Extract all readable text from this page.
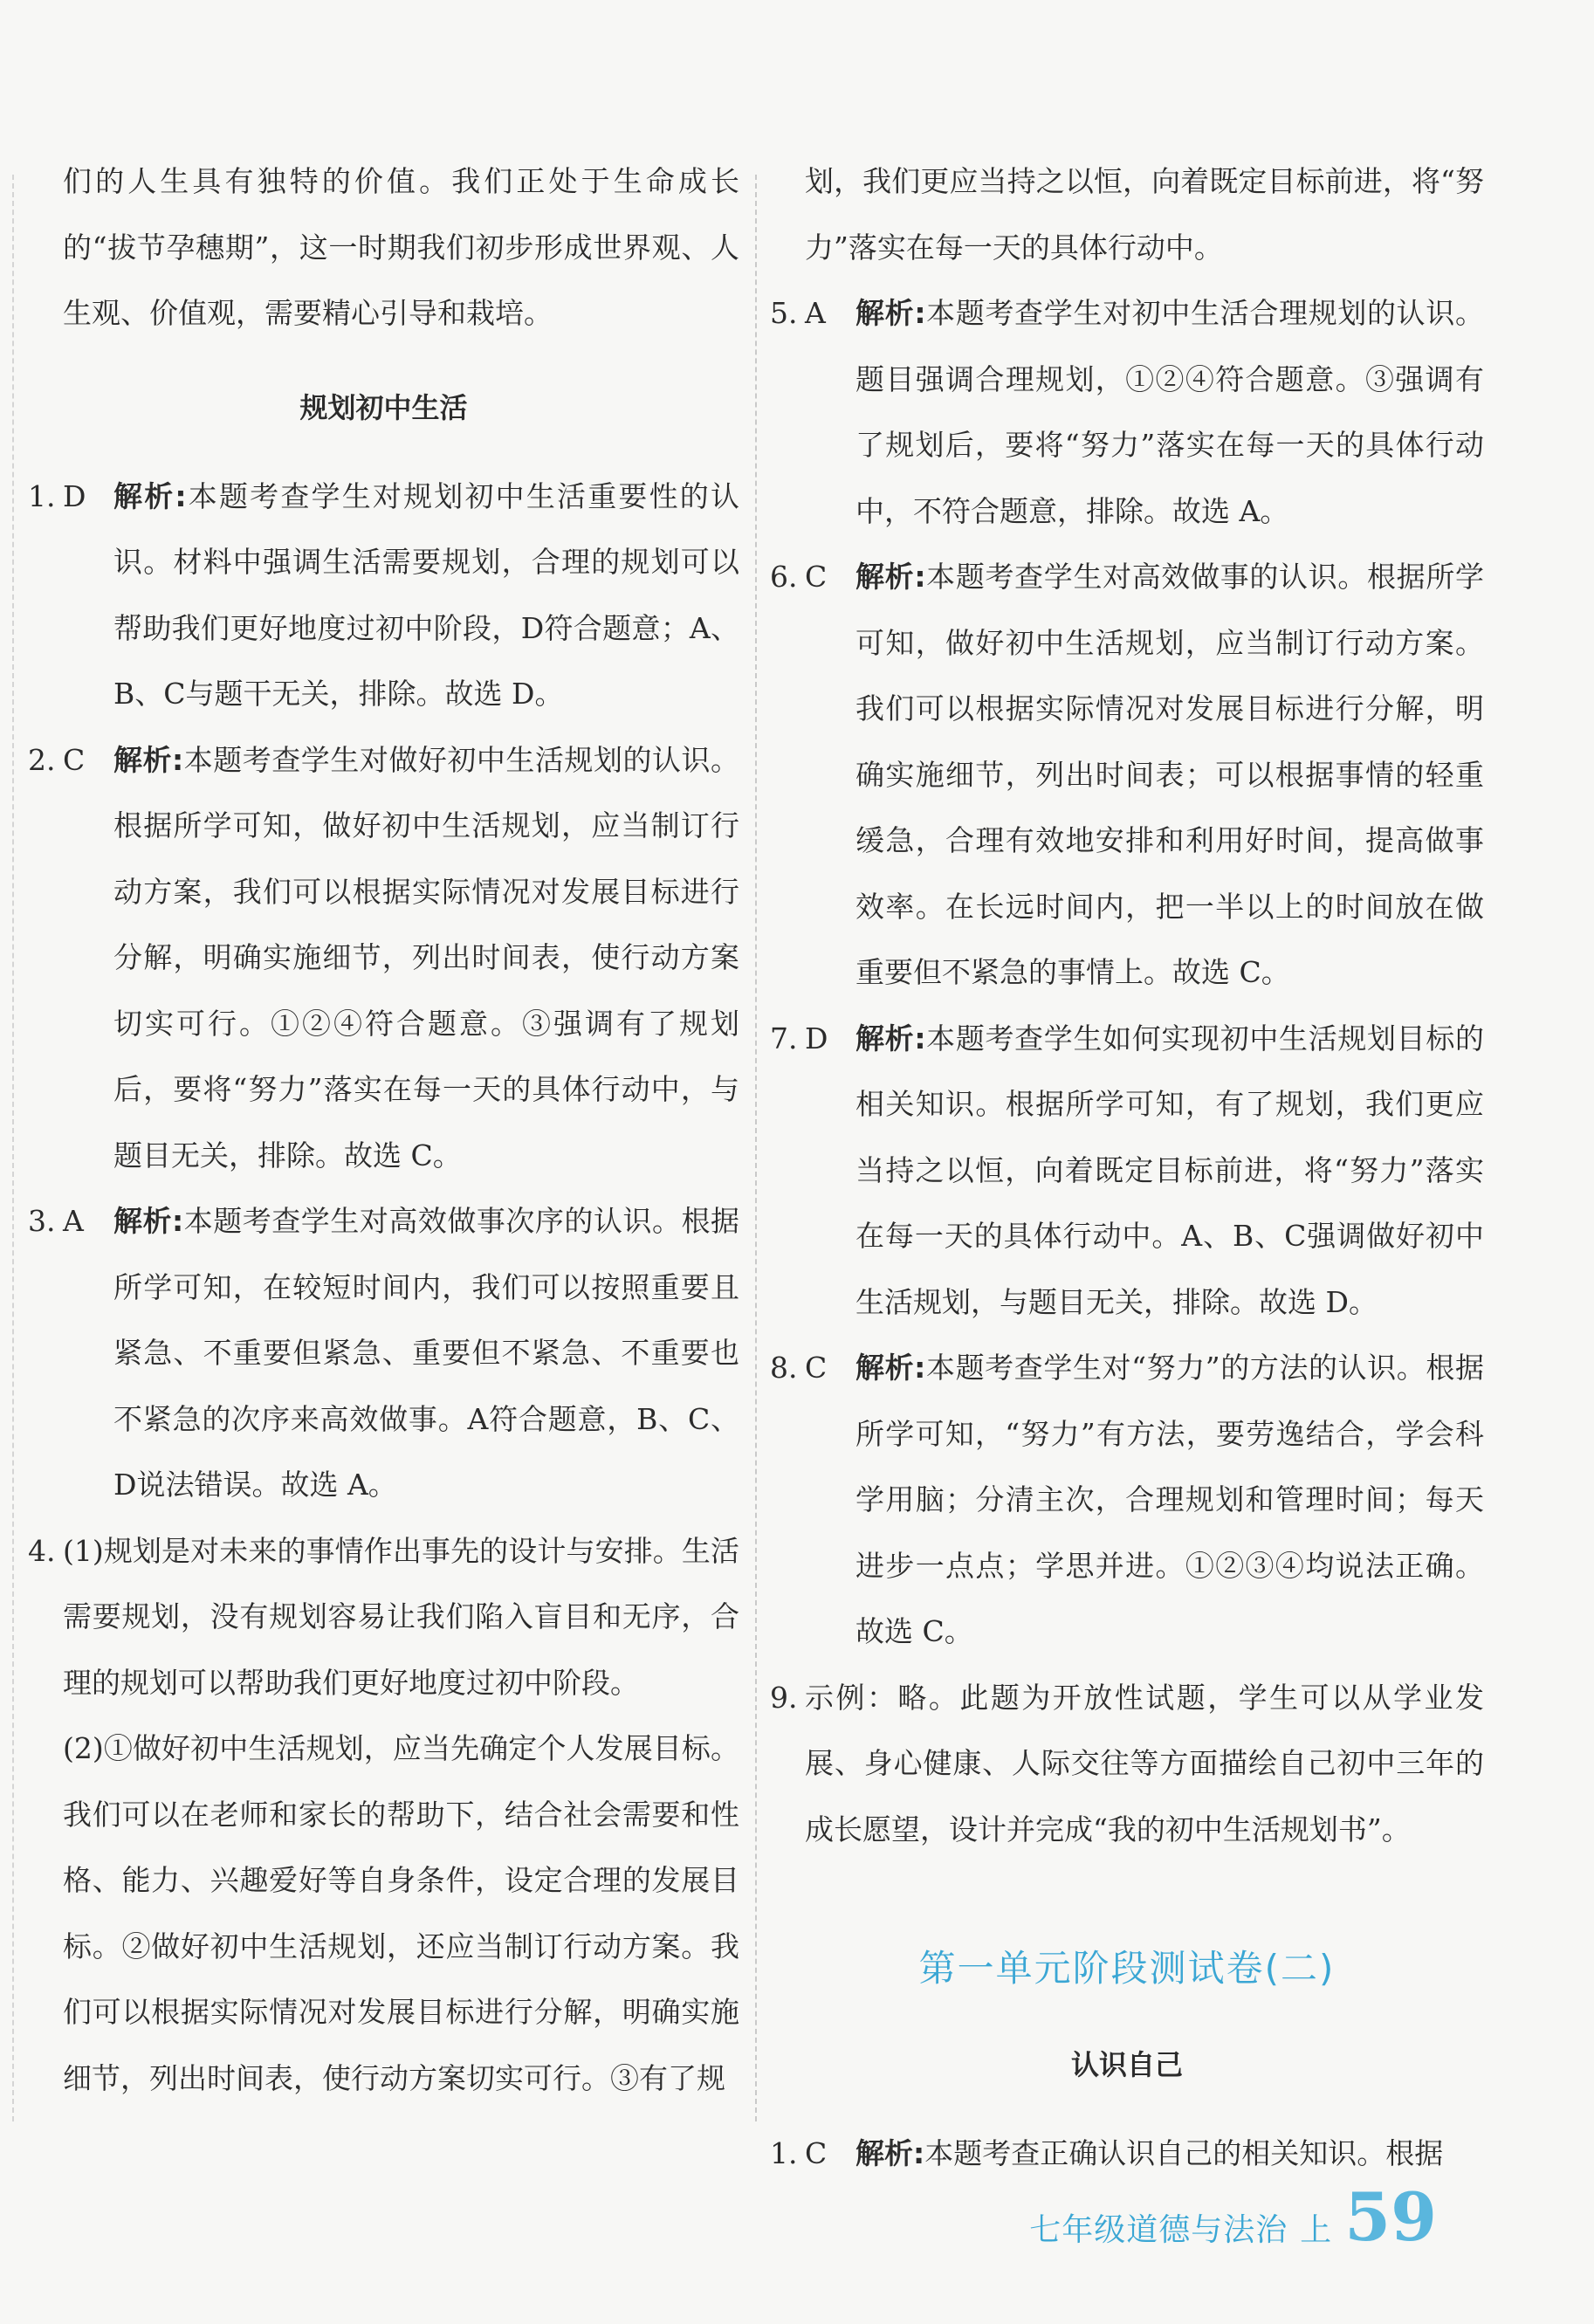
们的人生具有独特的价值。我们正处于生命成长的“拔节孕穗期”，这一时期我们初步形成世界观、人生观、价值观，需要精心引导和栽培。

规划初中生活
1. D 解析:本题考查学生对规划初中生活重要性的认识。材料中强调生活需要规划，合理的规划可以帮助我们更好地度过初中阶段，D符合题意；A、B、C与题干无关，排除。故选 D。
2. C 解析:本题考查学生对做好初中生活规划的认识。根据所学可知，做好初中生活规划，应当制订行动方案，我们可以根据实际情况对发展目标进行分解，明确实施细节，列出时间表，使行动方案切实可行。①②④符合题意。③强调有了规划后，要将“努力”落实在每一天的具体行动中，与题目无关，排除。故选 C。
3. A	解析:本题考查学生对高效做事次序的认识。根据所学可知，在较短时间内，我们可以按照重要且紧急、不重要但紧急、重要但不紧急、不重要也不紧急的次序来高效做事。A符合题意，B、C、D说法错误。故选 A。
4. (1)规划是对未来的事情作出事先的设计与安排。生活需要规划，没有规划容易让我们陷入盲目和无序，合理的规划可以帮助我们更好地度过初中阶段。

(2)①做好初中生活规划，应当先确定个人发展目标。我们可以在老师和家长的帮助下，结合社会需要和性格、能力、兴趣爱好等自身条件，设定合理的发展目标。②做好初中生活规划，还应当制订行动方案。我们可以根据实际情况对发展目标进行分解，明确实施细节，列出时间表，使行动方案切实可行。③有了规

划，我们更应当持之以恒，向着既定目标前进，将“努力”落实在每一天的具体行动中。

5. A	解析:本题考查学生对初中生活合理规划的认识。题目强调合理规划，①②④符合题意。③强调有了规划后，要将“努力”落实在每一天的具体行动中，不符合题意，排除。故选 A。
6. C 解析:本题考查学生对高效做事的认识。根据所学可知，做好初中生活规划，应当制订行动方案。我们可以根据实际情况对发展目标进行分解，明确实施细节，列出时间表；可以根据事情的轻重缓急，合理有效地安排和利用好时间，提高做事效率。在长远时间内，把一半以上的时间放在做重要但不紧急的事情上。故选 C。
7. D 解析:本题考查学生如何实现初中生活规划目标的相关知识。根据所学可知，有了规划，我们更应当持之以恒，向着既定目标前进，将“努力”落实在每一天的具体行动中。A、B、C强调做好初中生活规划，与题目无关，排除。故选 D。
8. C 解析:本题考查学生对“努力”的方法的认识。根据所学可知，“努力”有方法，要劳逸结合，学会科学用脑；分清主次，合理规划和管理时间；每天进步一点点；学思并进。①②③④均说法正确。故选 C。
9. 示例：略。此题为开放性试题，学生可以从学业发展、身心健康、人际交往等方面描绘自己初中三年的成长愿望，设计并完成“我的初中生活规划书”。
第一单元阶段测试卷(二)
认识自己
1. C 解析:本题考查正确认识自己的相关知识。根据
七年级道德与法治 上 59
